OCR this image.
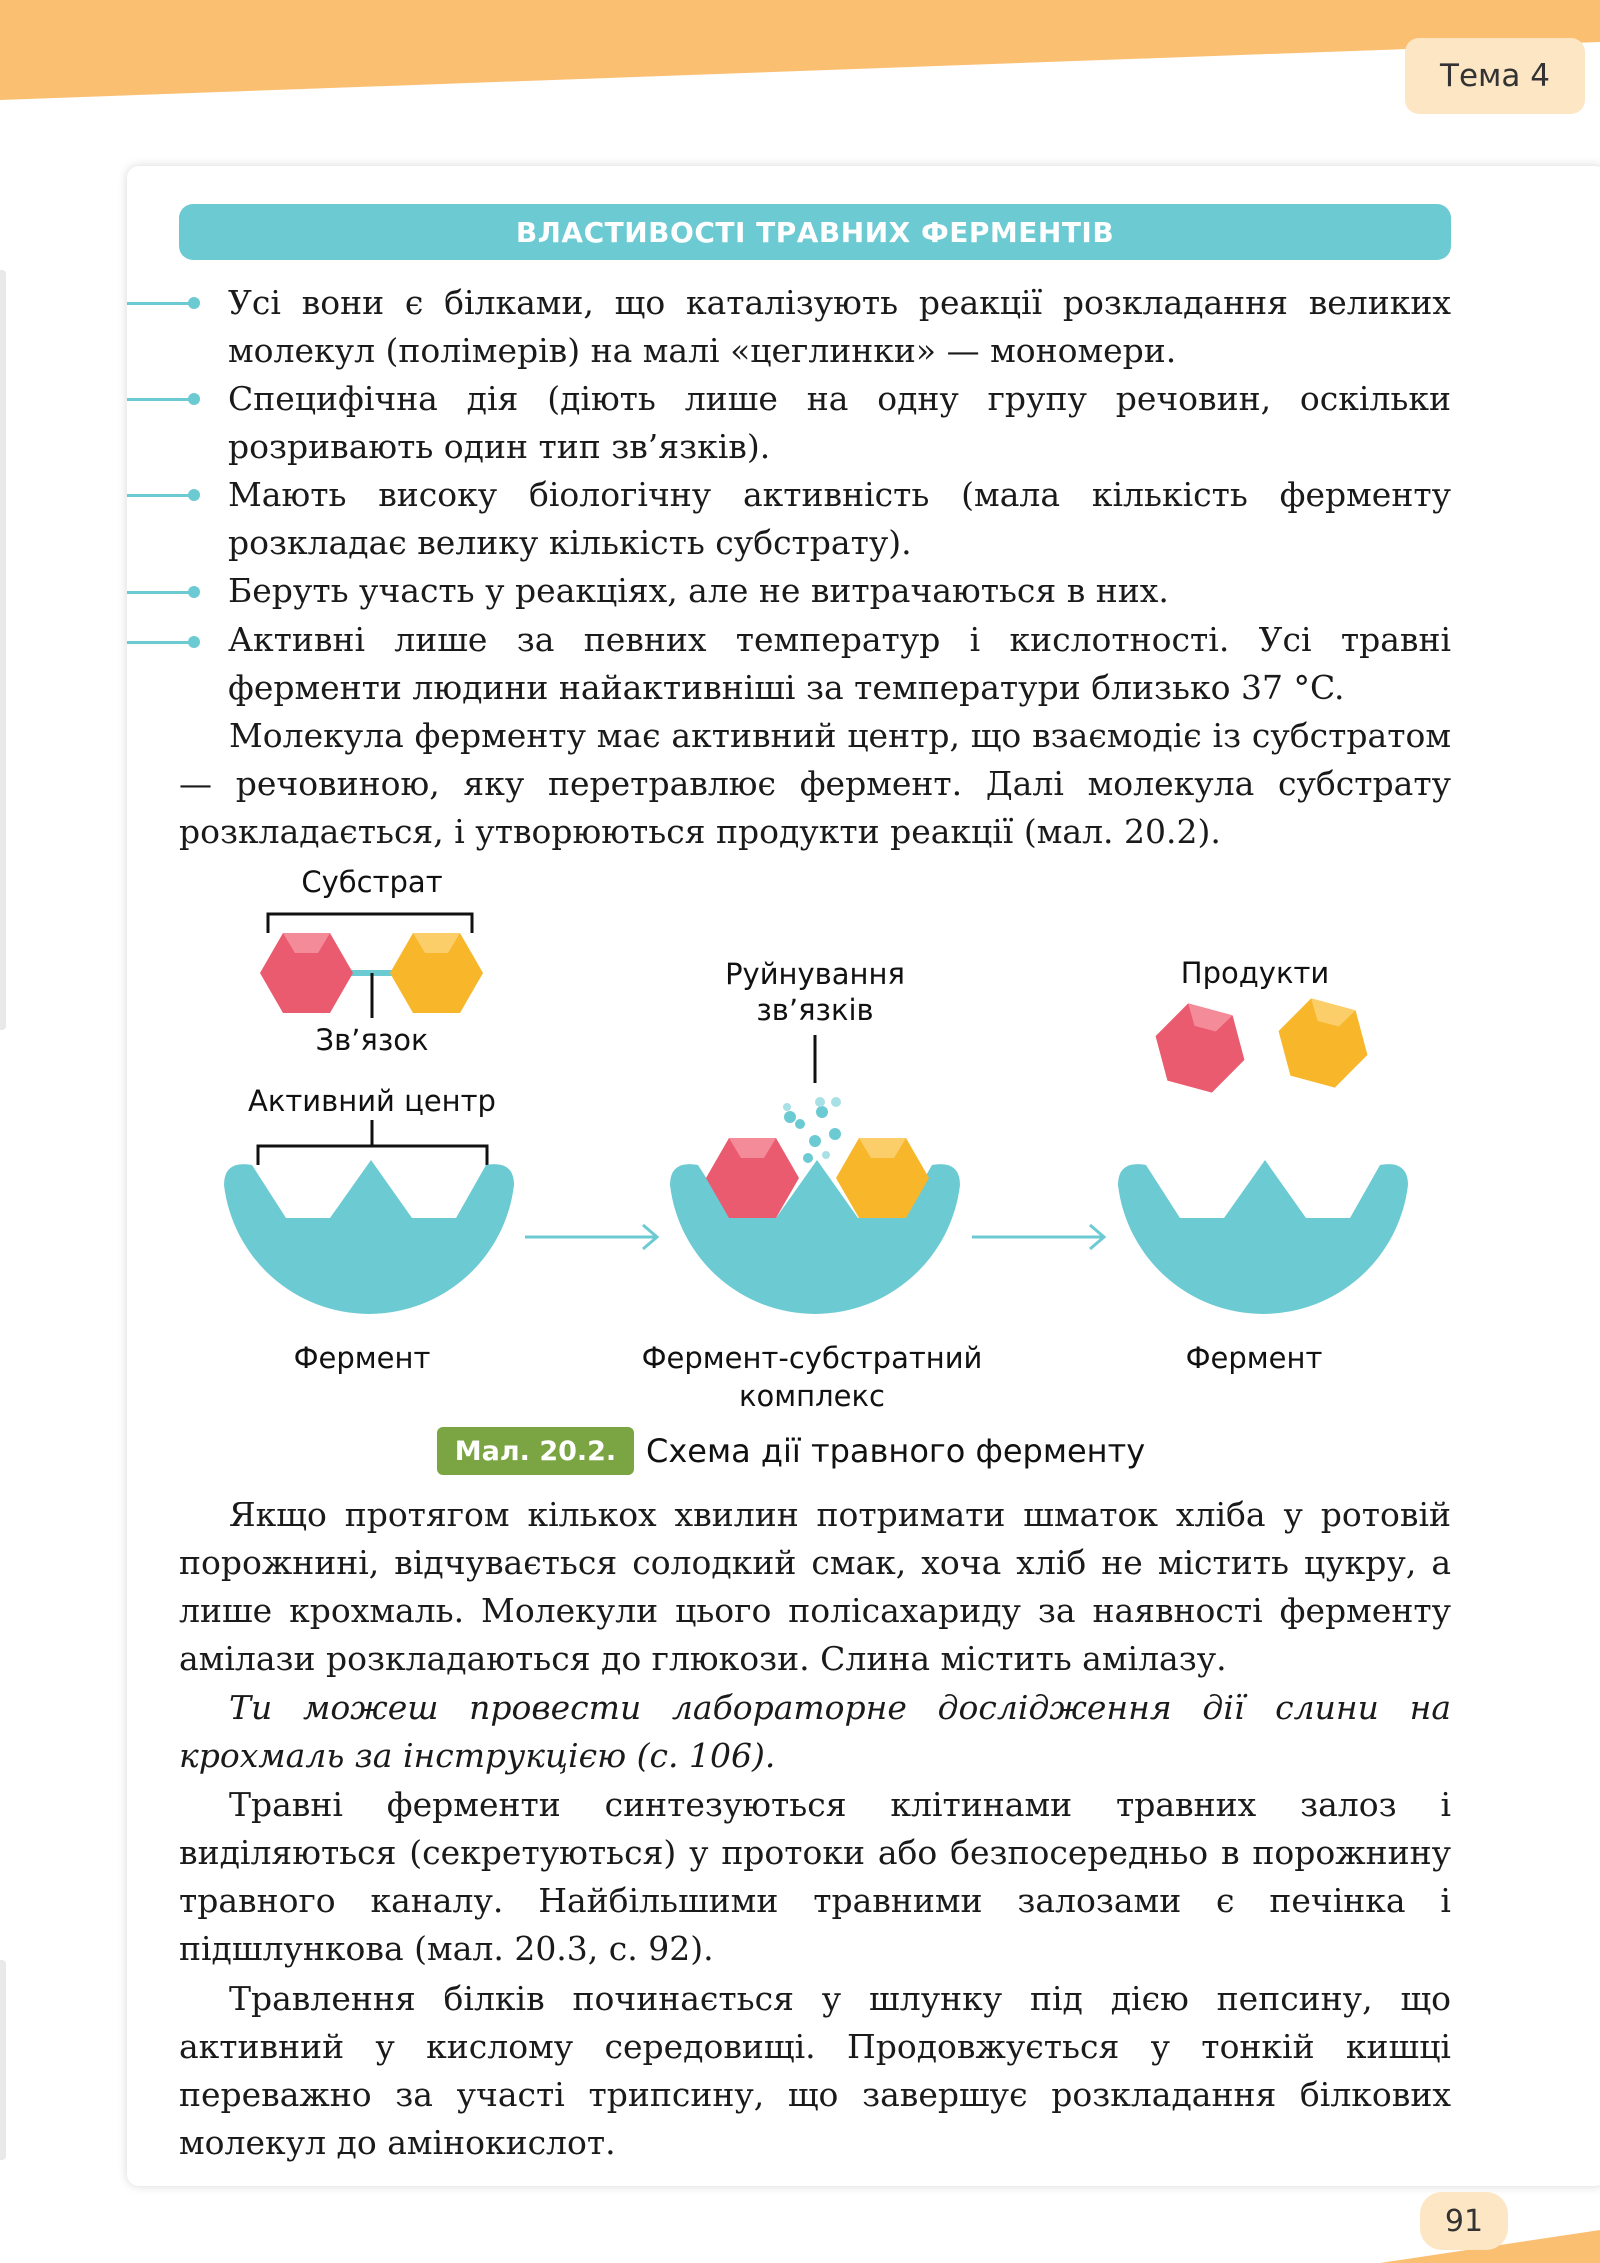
Тема 4
ВЛАСТИВОСТІ ТРАВНИХ ФЕРМЕНТІВ
Усі вони є білками, що каталізують реакції розкладання великих молекул (полімерів) на малі «цеглинки» — мономери.
Специфічна дія (діють лише на одну групу речовин, оскільки розривають один тип зв’язків).
Мають високу біологічну активність (мала кількість ферменту розкладає велику кількість субстрату).
Беруть участь у реакціях, але не витрачаються в них.
Активні лише за певних температур і кислотності. Усі травні ферменти людини найактивніші за температури близько 37 °C.
Молекула ферменту має активний центр, що взаємодіє із субстратом — речовиною, яку перетравлює фермент. Далі молекула субстрату розкладається, і утворюються продукти реакції (мал. 20.2).
Субстрат
Зв’язок
Активний центр
Руйнування
зв’язків
Продукти
Фермент	Фермент-субстратний
комплекс
Фермент
Мал. 20.2. Схема дії травного ферменту
Якщо протягом кількох хвилин потримати шматок хліба у ротовій порожнині, відчувається солодкий смак, хоча хліб не містить цукру, а лише крохмаль. Молекули цього полісахариду за наявності ферменту амілази розкладаються до глюкози. Слина містить амілазу.
Ти можеш провести лабораторне дослідження дії слини на крохмаль за інструкцією (с. 106).
Травні ферменти синтезуються клітинами травних залоз і виділяються (секретуються) у протоки або безпосередньо в порожнину травного каналу. Найбільшими травними залозами є печінка і підшлункова (мал. 20.3, с. 92).
Травлення білків починається у шлунку під дією пепсину, що активний у кислому середовищі. Продовжується у тонкій кишці переважно за участі трипсину, що завершує розкладання білкових молекул до амінокислот.
91
